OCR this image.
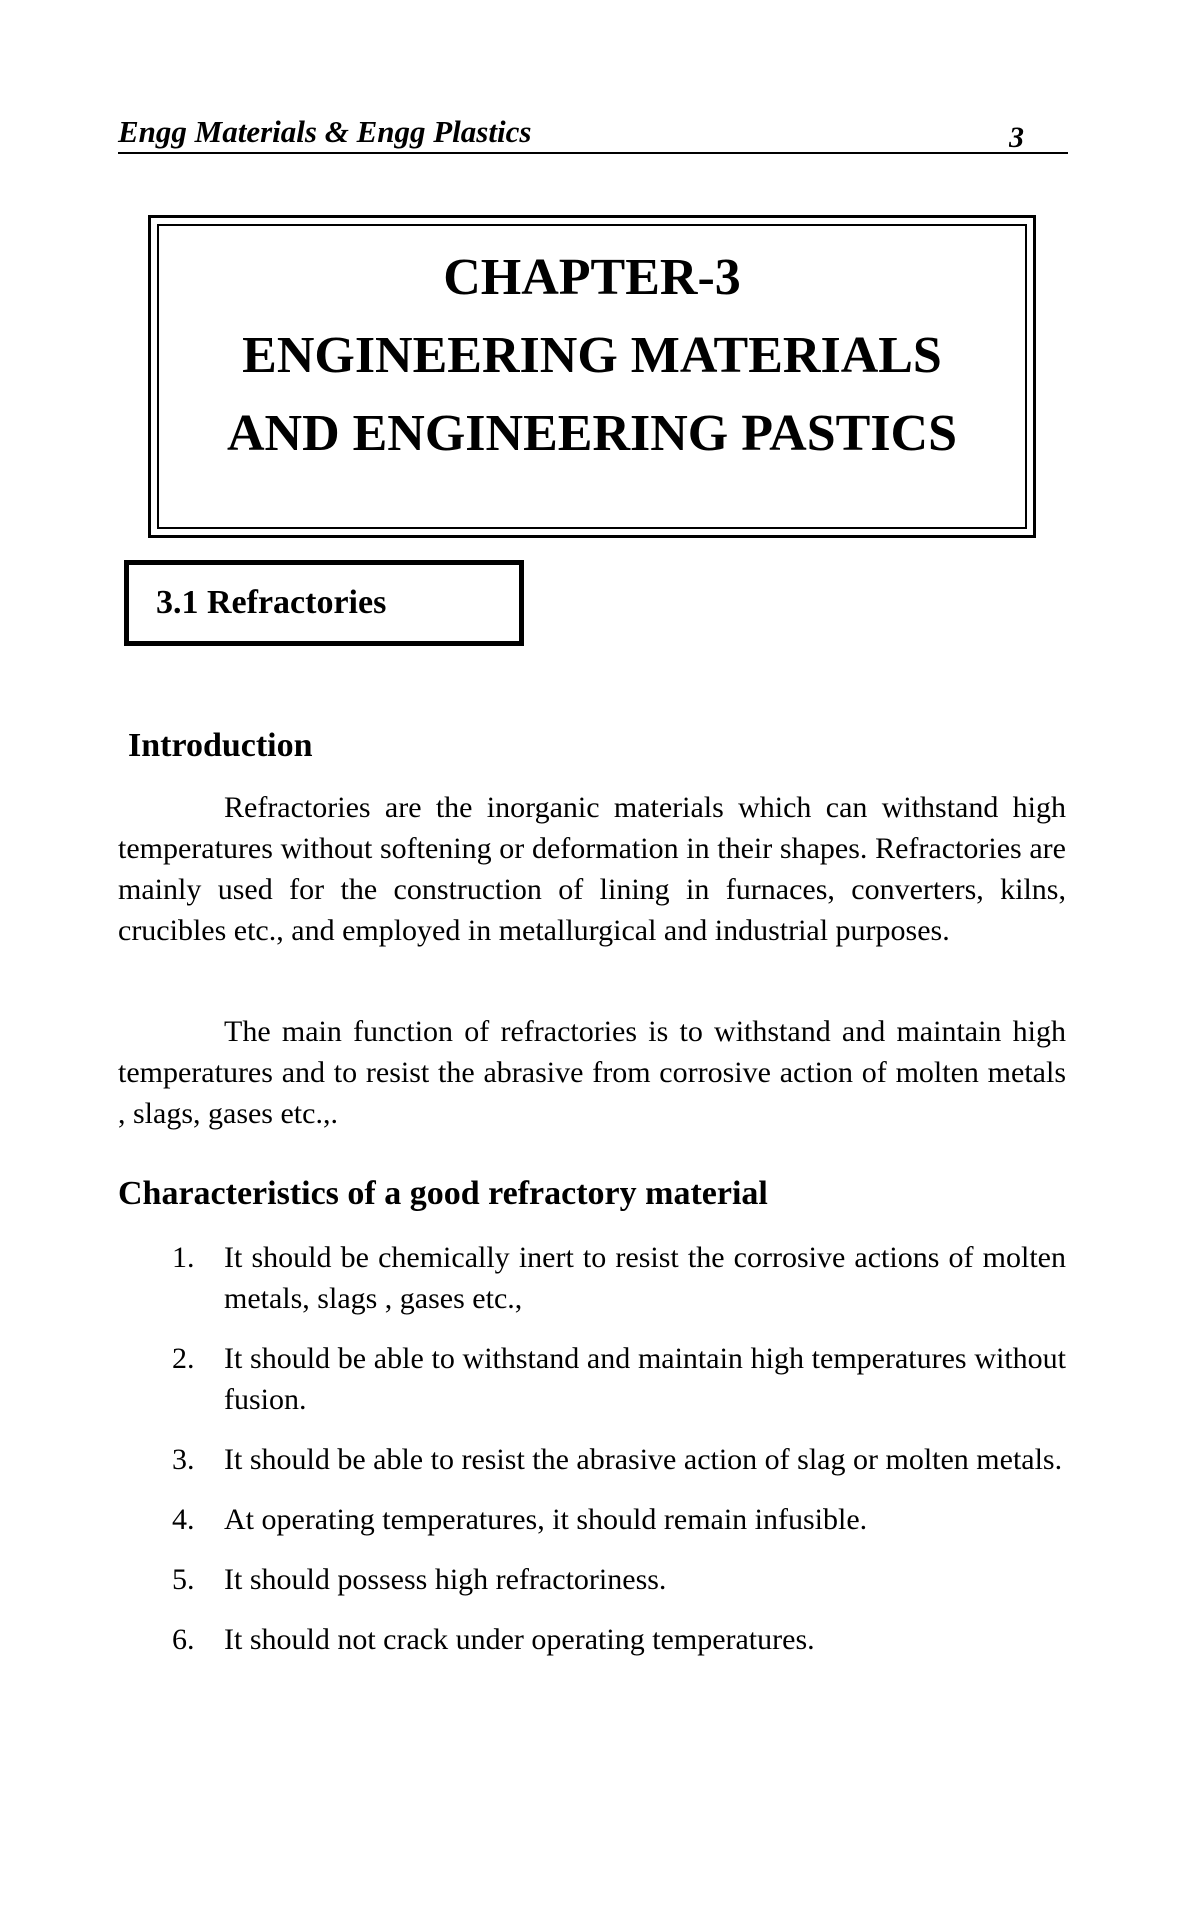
Engg Materials & Engg Plastics	3
CHAPTER-3
ENGINEERING MATERIALS
AND ENGINEERING PASTICS
3.1 Refractories
Introduction

Refractories are the inorganic materials which can withstand high temperatures without softening or deformation in their shapes. Refractories are mainly used for the construction of lining in furnaces, converters, kilns, crucibles etc., and employed in metallurgical and industrial purposes.

The main function of refractories is to withstand and maintain high temperatures and to resist the abrasive from corrosive action of molten metals , slags, gases etc.,.

Characteristics of a good refractory material
1. It should be chemically inert to resist the corrosive actions of molten metals, slags , gases etc.,
2. It should be able to withstand and maintain high temperatures without fusion.
3. It should be able to resist the abrasive action of slag or molten metals.
4. At operating temperatures, it should remain infusible.
5. It should possess high refractoriness.
6. It should not crack under operating temperatures.
